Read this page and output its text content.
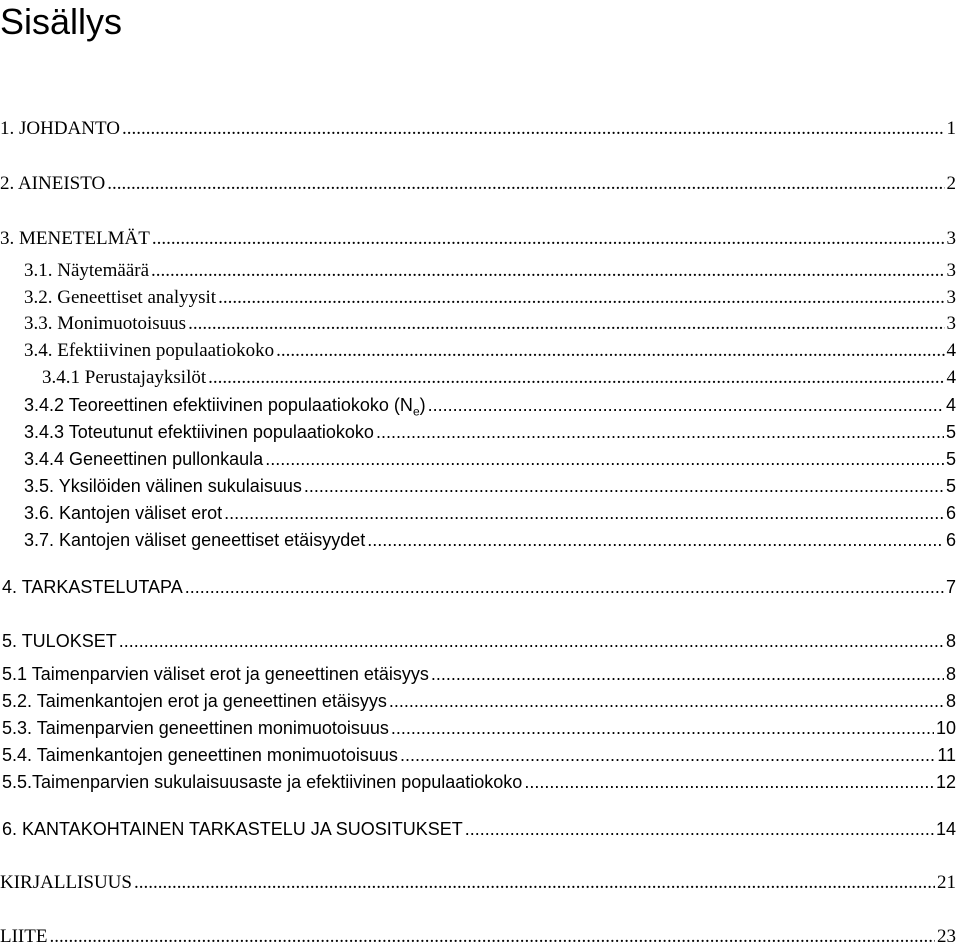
Sisällys
1. JOHDANTO .....	1
2. AINEISTO .....	2
3. MENETELMÄT .....	3
3.1. Näytemäärä .....	3
3.2. Geneettiset analyysit .....	3
3.3. Monimuotoisuus .....	3
3.4. Efektiivinen populaatiokoko .....	4
3.4.1 Perustajayksilöt .....	4
3.4.2 Teoreettinen efektiivinen populaatiokoko $(N_e)$ .....	4
3.4.3 Toteutunut efektiivinen populaatiokoko .....	5
3.4.4 Geneettinen pullonkaula .....	5
3.5. Yksilöiden välinen sukulaisuus .....	5
3.6. Kantojen väliset erot .....	6
3.7. Kantojen väliset geneettiset etäisyydet .....	6
4. TARKASTELUTAPA .....	7
5. TULOKSET .....	8
5.1 Taimenparvien väliset erot ja geneettinen etäisyys .....	8
5.2. Taimenkantojen erot ja geneettinen etäisyys .....	8
5.3. Taimenparvien geneettinen monimuotoisuus .....	10
5.4. Taimenkantojen geneettinen monimuotoisuus .....	11
5.5.Taimenparvien sukulaisuusaste ja efektiivinen populaatiokoko .....	12
6. KANTAKOHTAINEN TARKASTELU JA SUOSITUKSET .....	14
KIRJALLISUUS .....	21
LIITE .....	23
